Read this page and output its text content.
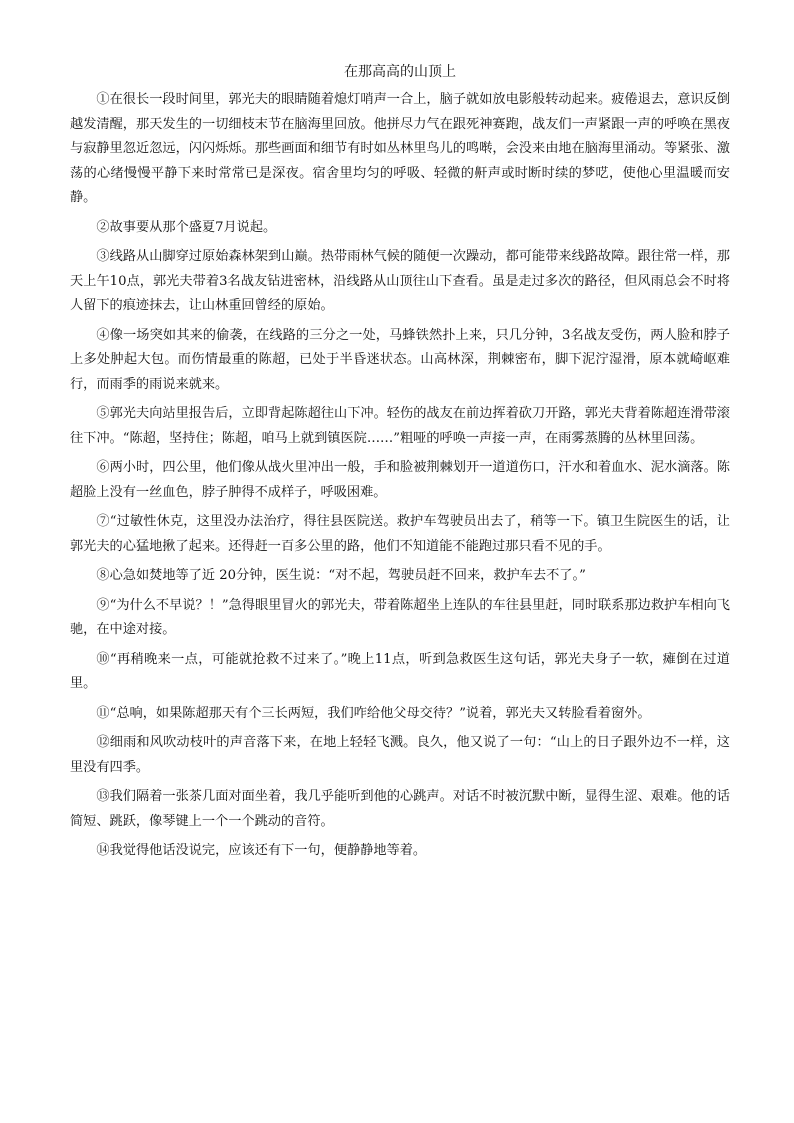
在那高高的山顶上

①在很长一段时间里，郭光夫的眼睛随着熄灯哨声一合上，脑子就如放电影般转动起来。疲倦退去，意识反倒越发清醒，那天发生的一切细枝末节在脑海里回放。他拼尽力气在跟死神赛跑，战友们一声紧跟一声的呼唤在黑夜与寂静里忽近忽远，闪闪烁烁。那些画面和细节有时如丛林里鸟儿的鸣啭，会没来由地在脑海里涌动。等紧张、激荡的心绪慢慢平静下来时常常已是深夜。宿舍里均匀的呼吸、轻微的鼾声或时断时续的梦呓，使他心里温暖而安静。

②故事要从那个盛夏7月说起。

③线路从山脚穿过原始森林架到山巅。热带雨林气候的随便一次躁动，都可能带来线路故障。跟往常一样，那天上午10点，郭光夫带着3名战友钻进密林，沿线路从山顶往山下查看。虽是走过多次的路径，但风雨总会不时将人留下的痕迹抹去，让山林重回曾经的原始。

④像一场突如其来的偷袭，在线路的三分之一处，马蜂铁然扑上来，只几分钟，3名战友受伤，两人脸和脖子上多处肿起大包。而伤情最重的陈超，已处于半昏迷状态。山高林深，荆棘密布，脚下泥泞湿滑，原本就崎岖难行，而雨季的雨说来就来。

⑤郭光夫向站里报告后，立即背起陈超往山下冲。轻伤的战友在前边挥着砍刀开路，郭光夫背着陈超连滑带滚往下冲。“陈超，坚持住；陈超，咱马上就到镇医院……”粗哑的呼唤一声接一声，在雨雾蒸腾的丛林里回荡。

⑥两小时，四公里，他们像从战火里冲出一般，手和脸被荆棘划开一道道伤口，汗水和着血水、泥水滴落。陈超脸上没有一丝血色，脖子肿得不成样子，呼吸困难。

⑦“过敏性休克，这里没办法治疗，得往县医院送。救护车驾驶员出去了，稍等一下。镇卫生院医生的话，让郭光夫的心猛地揪了起来。还得赶一百多公里的路，他们不知道能不能跑过那只看不见的手。

⑧心急如焚地等了近 20分钟，医生说：“对不起，驾驶员赶不回来，救护车去不了。”

⑨“为什么不早说？！”急得眼里冒火的郭光夫，带着陈超坐上连队的车往县里赶，同时联系那边救护车相向飞驰，在中途对接。

⑩“再稍晚来一点，可能就抢救不过来了。”晚上11点，听到急救医生这句话，郭光夫身子一软，瘫倒在过道里。

⑪“总响，如果陈超那天有个三长两短，我们咋给他父母交待？”说着，郭光夫又转脸看着窗外。

⑫细雨和风吹动枝叶的声音落下来，在地上轻轻飞溅。良久，他又说了一句：“山上的日子跟外边不一样，这里没有四季。

⑬我们隔着一张茶几面对面坐着，我几乎能听到他的心跳声。对话不时被沉默中断，显得生涩、艰难。他的话简短、跳跃，像琴键上一个一个跳动的音符。

⑭我觉得他话没说完，应该还有下一句，便静静地等着。
